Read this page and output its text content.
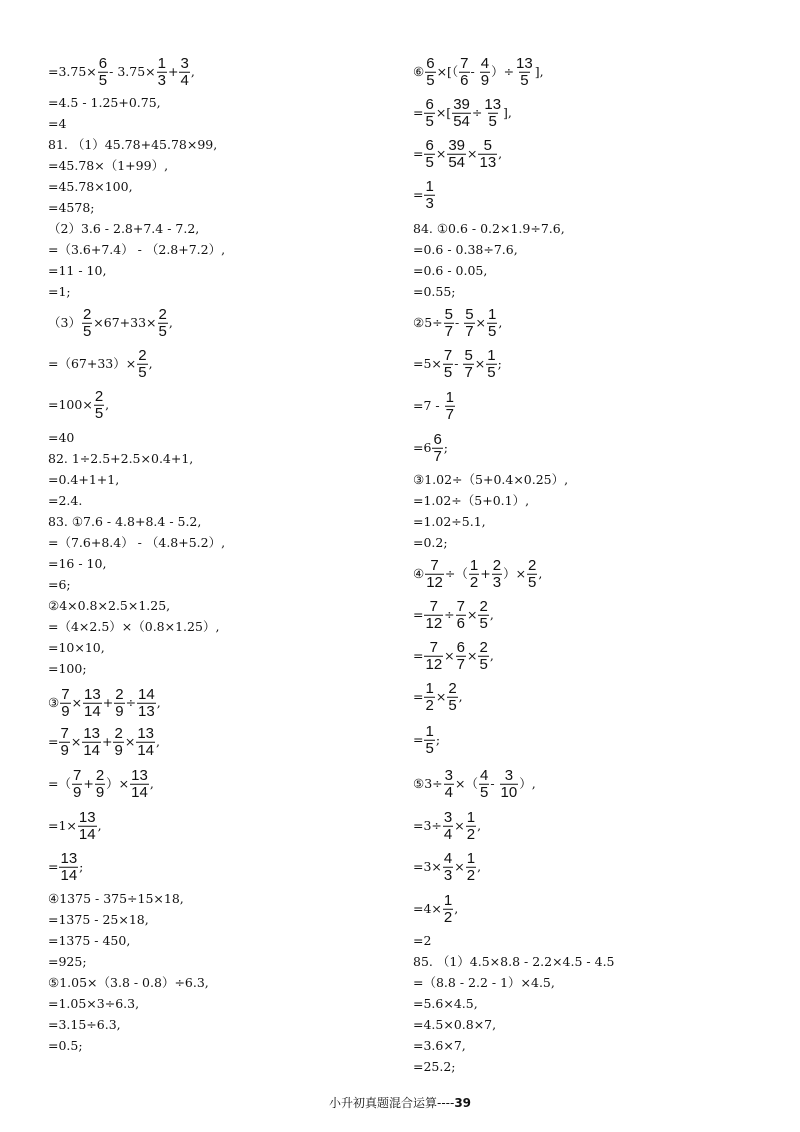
$=3.75\times \frac{6}{5} - 3.75\times \frac{1}{3} + \frac{3}{4}$ ,
=4.5 - 1.25+0.75,
=4
81. （1）45.78+45.78×99,
=45.78×（1+99）,
=45.78×100,
=4578;
（2）3.6 - 2.8+7.4 - 7.2,
=（3.6+7.4） - （2.8+7.2）,
=11 - 10,
=1;
$(3) \frac{2}{5} \times 67+33\times \frac{2}{5}$ ,
$=(67+33)\times \frac{2}{5}$ ,
$=100\times \frac{2}{5}$ ,
=40
82. 1÷2.5+2.5×0.4+1,
=0.4+1+1,
=2.4.
83. ①7.6 - 4.8+8.4 - 5.2,
=（7.6+8.4） - （4.8+5.2）,
=16 - 10,
=6;
②4×0.8×2.5×1.25,
=（4×2.5）×（0.8×1.25）,
=10×10,
=100;
③ $\frac{7}{9} \times \frac{13}{14} + \frac{2}{9} \div \frac{14}{13}$ ,
= $\frac{7}{9} \times \frac{13}{14} + \frac{2}{9} \times \frac{13}{14}$ ,
=（ $\frac{7}{9} + \frac{2}{9}$ ）× $\frac{13}{14}$ ,
$=1\times \frac{13}{14}$ ,
= $\frac{13}{14}$ ;
④1375 - 375÷15×18,
=1375 - 25×18,
=1375 - 450,
=925;
⑤1.05×（3.8 - 0.8）÷6.3,
=1.05×3÷6.3,
=3.15÷6.3,
=0.5;
⑥ $\frac{6}{5}$ ×[（ $\frac{7}{6} - \frac{4}{9}$ ）÷ $\frac{13}{5}$ ],
= $\frac{6}{5}$ ×[ $\frac{39}{54} \div \frac{13}{5}$ ],
= $\frac{6}{5} \times \frac{39}{54} \times \frac{5}{13}$ ,
= $\frac{1}{3}$
84. ①0.6 - 0.2×1.9÷7.6,
=0.6 - 0.38÷7.6,
=0.6 - 0.05,
=0.55;
②5÷ $\frac{5}{7} - \frac{5}{7} \times \frac{1}{5}$ ,
$=5\times \frac{7}{5} - \frac{5}{7} \times \frac{1}{5}$ ;
$=7 - \frac{1}{7}$
$=6 \frac{6}{7}$ ;
③1.02÷（5+0.4×0.25）,
=1.02÷（5+0.1）,
=1.02÷5.1,
=0.2;
④ $\frac{7}{12}$ ÷（ $\frac{1}{2} + \frac{2}{3}$ ）× $\frac{2}{5}$ ,
= $\frac{7}{12} \div \frac{7}{6} \times \frac{2}{5}$ ,
= $\frac{7}{12} \times \frac{6}{7} \times \frac{2}{5}$ ,
= $\frac{1}{2} \times \frac{2}{5}$ ,
= $\frac{1}{5}$ ;
⑤3÷ $\frac{3}{4}$ ×（ $\frac{4}{5} - \frac{3}{10}$ ）,
$=3\div \frac{3}{4} \times \frac{1}{2}$ ,
$=3\times \frac{4}{3} \times \frac{1}{2}$ ,
$=4\times \frac{1}{2}$ ,
=2
85. （1）4.5×8.8 - 2.2×4.5 - 4.5
=（8.8 - 2.2 - 1）×4.5,
=5.6×4.5,
=4.5×0.8×7,
=3.6×7,
=25.2;
小升初真题混合运算----39
